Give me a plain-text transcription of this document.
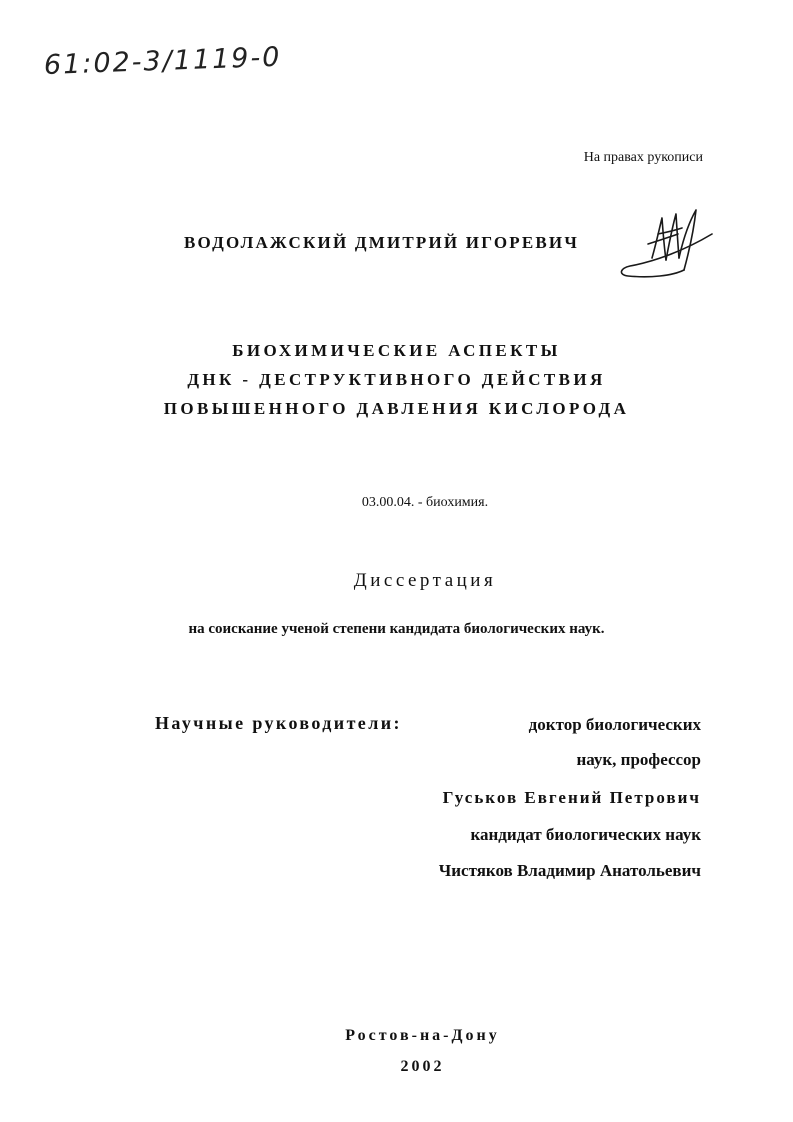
61:02-3/1119-0
На правах рукописи
ВОДОЛАЖСКИЙ ДМИТРИЙ ИГОРЕВИЧ
БИОХИМИЧЕСКИЕ АСПЕКТЫ
ДНК - ДЕСТРУКТИВНОГО ДЕЙСТВИЯ
ПОВЫШЕННОГО ДАВЛЕНИЯ КИСЛОРОДА
03.00.04. - биохимия.
Диссертация
на соискание ученой степени кандидата биологических наук.
Научные руководители:	доктор биологических
наук, профессор
Гуськов Евгений Петрович
кандидат биологических наук
Чистяков Владимир Анатольевич
Ростов-на-Дону
2002
